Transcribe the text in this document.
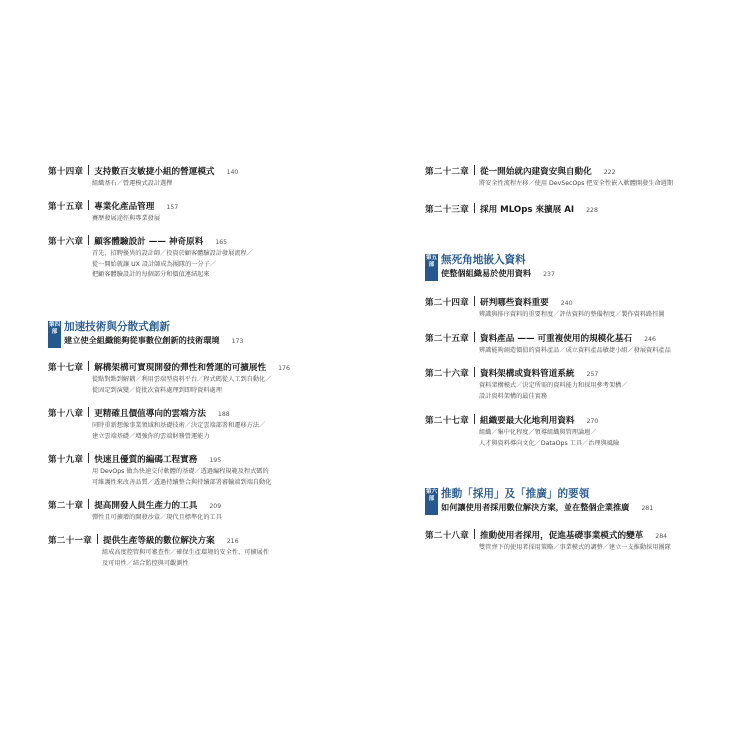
第十四章 支持數百支敏捷小組的營運模式 140
組織基石／營運模式設計選擇
第十五章 專業化產品管理 157
賽歷發展途徑與專業發展
第十六章 顧客體驗設計 —— 神奇原料 165
首先，招聘優異的設計師／投資於顧客體驗設計發展流程／
從一開始就讓 UX 設計師成為團隊的一分子／
把顧客體驗設計的每個部分和價值連結起來
第四部 加速技術與分散式創新
建立使全組織能夠從事數位創新的技術環境 173
第十七章 解構架構可實現開發的彈性和營運的可擴展性 176
從點對點到解耦／利用雲端型資料平台／程式碼從人工到自動化／
從固定到演變／從批次資料處理到即時資料處理
第十八章 更精確且價值導向的雲端方法 188
同時重新想像事業領域和基礎技術／決定雲端部署和遷移方法／
建立雲端基礎／增強你的雲端財務營運能力
第十九章 快速且優質的編碼工程實務 195
用 DevOps 做為快速交付軟體的基礎／透過編程規範及程式碼的
可維護性來改善品質／透過持續整合與持續部署審輸端到端自動化
第二十章 提高開發人員生產力的工具 209
彈性且可擴增的開發沙盒／現代且標準化的工具
第二十一章 提供生產等級的數位解決方案 216
組成高度控管與可審查性／確保生產環境的安全性、可擴展性
及可用性／結合監控與可觀測性
第二十二章 從一開始就內建資安與自動化 222
將安全性流程左移／使用 DevSecOps 把安全性嵌入軟體開發生命週期
第二十三章 採用 MLOps 來擴展 AI 228
第五部 無死角地嵌入資料
使整個組織易於使用資料 237
第二十四章 研判哪些資料重要 240
辨識與排序資料的重要程度／評估資料的整備程度／製作資料路徑圖
第二十五章 資料產品 —— 可重複使用的規模化基石 246
辨識能夠創造價值的資料產品／成立資料產品敏捷小組／發展資料產品
第二十六章 資料架構或資料管道系統 257
資料架構模式／決定所需的資料能力和採用參考架構／
設計資料架構的最佳實務
第二十七章 組織要最大化地利用資料 270
組織／集中化程度／領導組織與管理論壇／
人才與資料導向文化／DataOps 工具／治理與風險
第六部 推動「採用」及「推廣」的要領
如何讓使用者採用數位解決方案，並在整個企業推廣 281
第二十八章 推動使用者採用，促進基礎事業模式的變革 284
雙管齊下的使用者採用策略／事業模式的調整／建立一支推動採用團隊
